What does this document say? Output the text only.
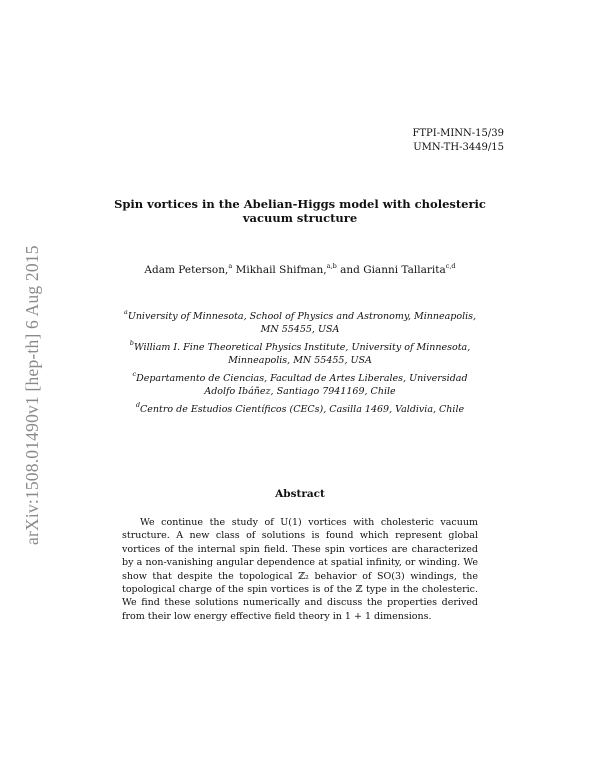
arXiv:1508.01490v1 [hep-th] 6 Aug 2015
FTPI-MINN-15/39
UMN-TH-3449/15
Spin vortices in the Abelian-Higgs model with cholesteric
vacuum structure
Adam Peterson,$^a$ Mikhail Shifman,$^{a,b}$ and Gianni Tallarita$^{c,d}$
$^a$University of Minnesota, School of Physics and Astronomy, Minneapolis,
MN 55455, USA
$^b$William I. Fine Theoretical Physics Institute, University of Minnesota,
Minneapolis, MN 55455, USA
$^c$Departamento de Ciencias, Facultad de Artes Liberales, Universidad
Adolfo Ibáñez, Santiago 7941169, Chile
$^d$Centro de Estudios Científicos (CECs), Casilla 1469, Valdivia, Chile
Abstract

We continue the study of U(1) vortices with cholesteric vacuum structure. A new class of solutions is found which represent global vortices of the internal spin field. These spin vortices are characterized by a non-vanishing angular dependence at spatial infinity, or winding. We show that despite the topological ℤ₂ behavior of SO(3) windings, the topological charge of the spin vortices is of the ℤ type in the cholesteric. We find these solutions numerically and discuss the properties derived from their low energy effective field theory in 1 + 1 dimensions.
